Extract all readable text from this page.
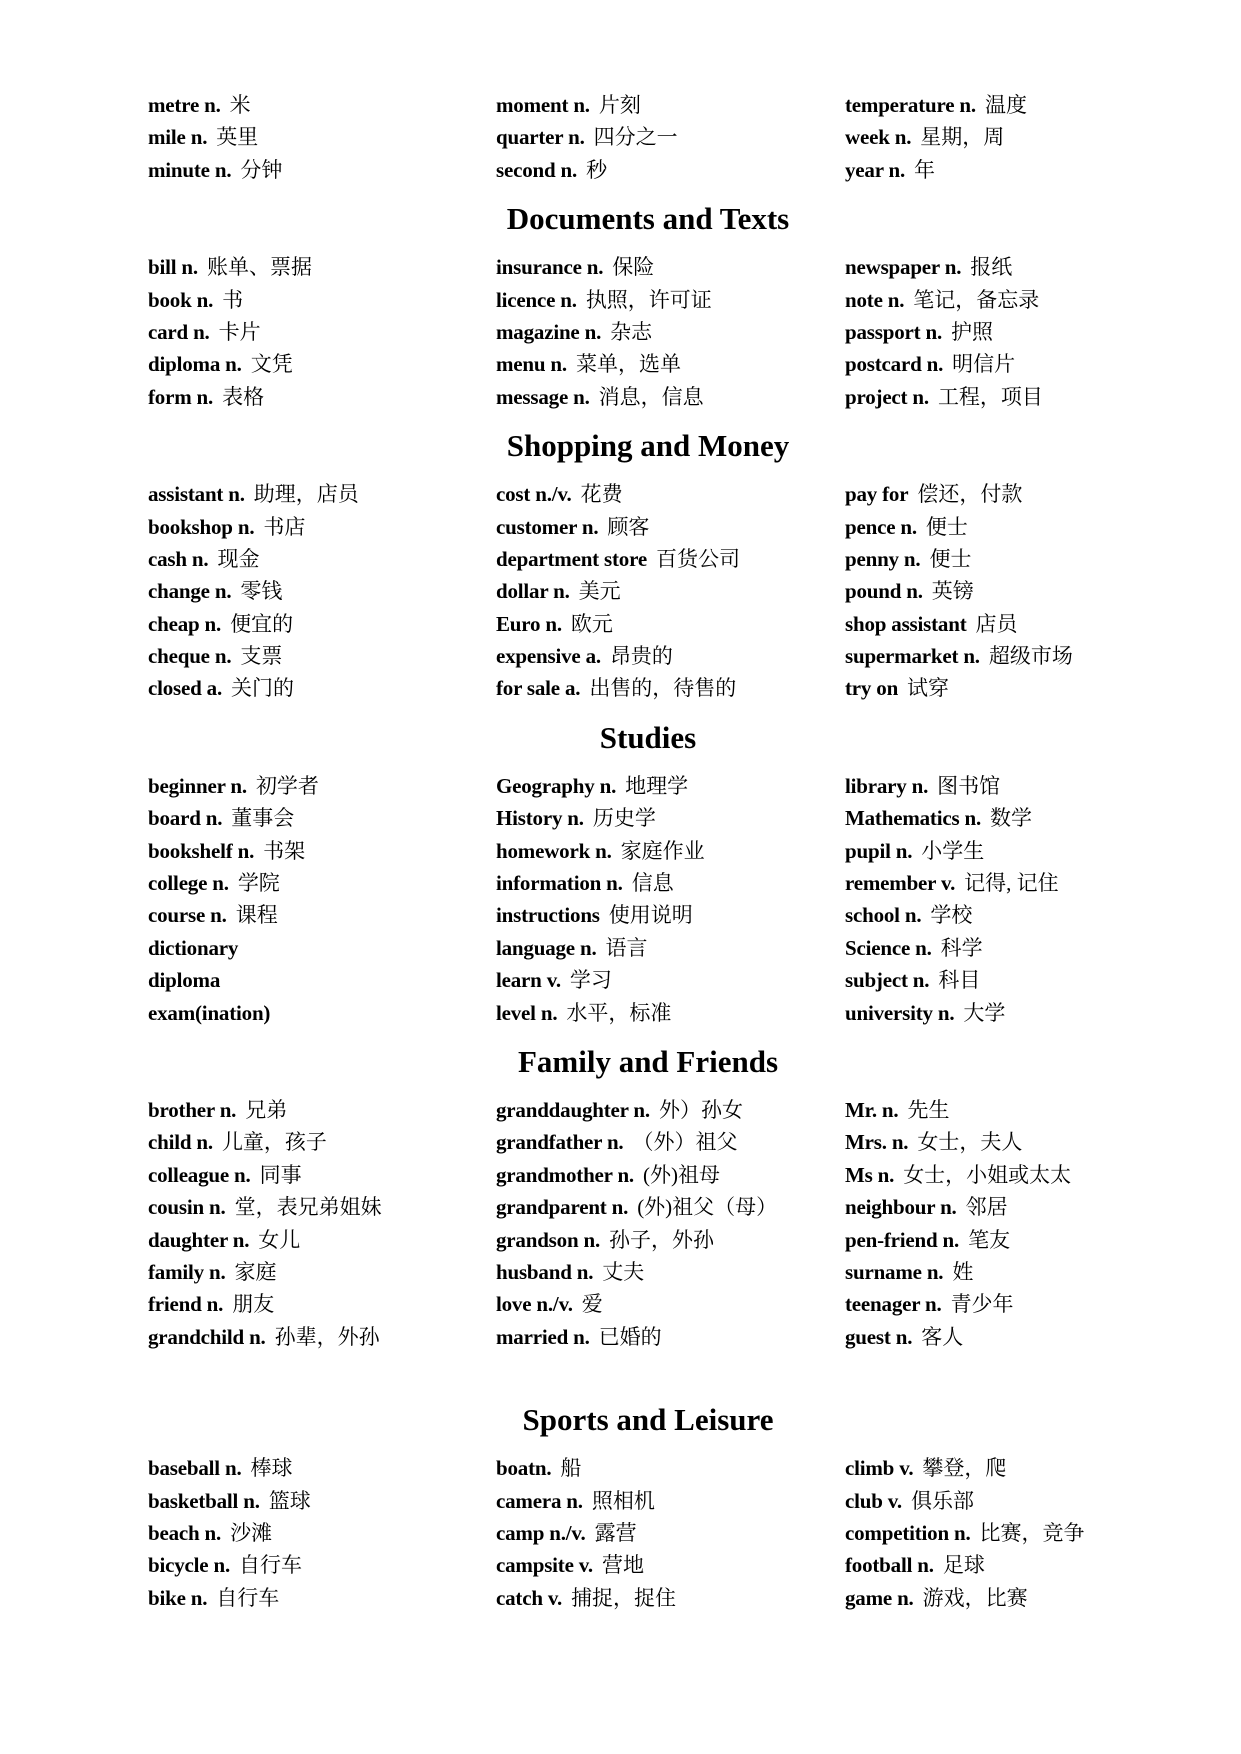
metre n. 米
mile n. 英里
minute n. 分钟
moment n. 片刻
quarter n. 四分之一
second n. 秒
temperature n. 温度
week n. 星期，周
year n. 年
Documents and Texts
bill n. 账单、票据
book n. 书
card n. 卡片
diploma n. 文凭
form n. 表格
insurance n. 保险
licence n. 执照，许可证
magazine n. 杂志
menu n. 菜单，选单
message n. 消息，信息
newspaper n. 报纸
note n. 笔记，备忘录
passport n. 护照
postcard n. 明信片
project n. 工程，项目
Shopping and Money
assistant n. 助理，店员
bookshop n. 书店
cash n. 现金
change n. 零钱
cheap n. 便宜的
cheque n. 支票
closed a. 关门的
cost n./v. 花费
customer n. 顾客
department store 百货公司
dollar n. 美元
Euro n. 欧元
expensive a. 昂贵的
for sale a. 出售的，待售的
pay for 偿还，付款
pence n. 便士
penny n. 便士
pound n. 英镑
shop assistant 店员
supermarket n. 超级市场
try on 试穿
Studies
beginner n. 初学者
board n. 董事会
bookshelf n. 书架
college n. 学院
course n. 课程
dictionary
diploma
exam(ination)
Geography n. 地理学
History n. 历史学
homework n. 家庭作业
information n. 信息
instructions 使用说明
language n. 语言
learn v. 学习
level n. 水平，标准
library n. 图书馆
Mathematics n. 数学
pupil n. 小学生
remember v. 记得, 记住
school n. 学校
Science n. 科学
subject n. 科目
university n. 大学
Family and Friends
brother n. 兄弟
child n. 儿童，孩子
colleague n. 同事
cousin n. 堂，表兄弟姐妹
daughter n. 女儿
family n. 家庭
friend n. 朋友
grandchild n. 孙辈，外孙
granddaughter n. 外）孙女
grandfather n. （外）祖父
grandmother n. (外)祖母
grandparent n. (外)祖父（母）
grandson n. 孙子，外孙
husband n. 丈夫
love n./v. 爱
married n. 已婚的
Mr. n. 先生
Mrs. n. 女士，夫人
Ms n. 女士，小姐或太太
neighbour n. 邻居
pen-friend n. 笔友
surname n. 姓
teenager n. 青少年
guest n. 客人
Sports and Leisure
baseball n. 棒球
basketball n. 篮球
beach n. 沙滩
bicycle n. 自行车
bike n. 自行车
boatn. 船
camera n. 照相机
camp n./v. 露营
campsite v. 营地
catch v. 捕捉，捉住
climb v. 攀登，爬
club v. 俱乐部
competition n. 比赛，竞争
football n. 足球
game n. 游戏，比赛
